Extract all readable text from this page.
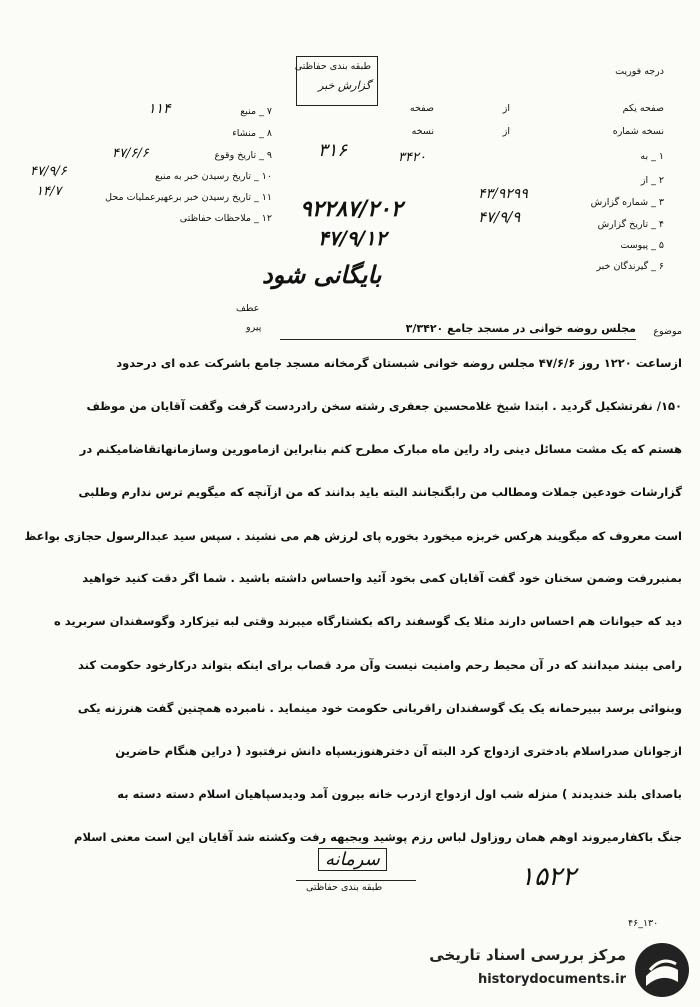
طبقه بندی حفاظتی
گزارش خبر
درجه فوریت
صفحه یکم
از
صفحه
نسخه شماره
از
نسخه
۱ _ به
۳۱۶
۲ _ از
۳۴۲۰
۳ _ شماره گزارش
۴۳/۹۲۹۹
۴ _ تاریخ گزارش
۴۷/۹/۹
۵ _ پیوست
۶ _ گیرندگان خبر
۷ _ منبع
۱۱۴
۸ _ منشاء
۹ _ تاریخ وقوع
۴۷/۶/۶
۱۰ _ تاریخ رسیدن خبر به منبع
۴۷/۹/۶
۱۱ _ تاریخ رسیدن خبر برعهیرعملیات محل
۱۴/۷
۱۲ _ ملاحظات حفاظتی ۹۲۲۸۷/۲۰۲
۴۷/۹/۱۲
بایگانی شود
عطف
پیرو	موضوع
مجلس روضه خوانی در مسجد جامع ۳/۳۴۲۰
ازساعت ۱۲۲۰ روز ۴۷/۶/۶ مجلس روضه خوانی شبستان گرمخانه مسجد جامع باشرکت عده ای درحدود
۱۵۰/ نفرتشکیل گردید . ابتدا شیخ غلامحسین جعفری رشته سخن رادردست گرفت وگفت آقایان من موظف
هستم که یک مشت مسائل دینی راد راین ماه مبارک مطرح کنم بنابراین ازمامورین وسازمانهاتقاضامیکنم در
گزارشات خودعین جملات ومطالب من رابگنجانند البته باید بدانند که من ازآنچه که میگویم ترس ندارم وطلبی
است معروف که میگویند هرکس خربزه میخورد بخوره پای لرزش هم می نشیند . سپس سید عبدالرسول حجازی بواعظ
بمنبررفت وضمن سخنان خود گفت آقایان کمی بخود آئید واحساس داشته باشید . شما اگر دقت کنید خواهید
دید که حیوانات هم احساس دارند مثلا یک گوسفند راکه بکشتارگاه میبرند وقتی لبه تیزکارد وگوسفندان سربرید ه
رامی بینند میدانند که در آن محیط رحم وامنیت نیست وآن مرد قصاب برای اینکه بتواند درکارخود حکومت کند
وبنوائی برسد ببیرحمانه یک یک گوسفندان راقربانی حکومت خود مینماید . نامبرده همچنین گفت هنرزنه یکی
ازجوانان صدراسلام بادختری ازدواج کرد البته آن دخترهنوزبسپاه دانش نرفتبود ( دراین هنگام حاضرین
باصدای بلند خندیدند ) منزله شب اول ازدواج ازدرب خانه بیرون آمد ودیدسپاهیان اسلام دسته دسته به
جنگ باکفارمیروند اوهم همان روزاول لباس رزم پوشید وبجبهه رفت وکشته شد آقایان این است معنی اسلام
سرمانه
طبقه بندی حفاظتی	۱۵۲۲
۴۶_۱۳۰
مرکز بررسی اسناد تاریخی
historydocuments.ir
